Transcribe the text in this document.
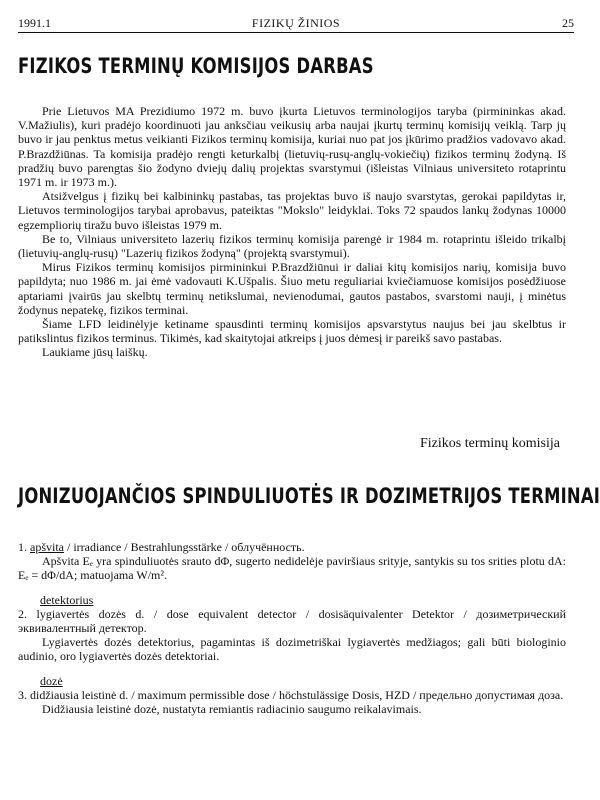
1991.1	FIZIKŲ ŽINIOS	25
FIZIKOS TERMINŲ KOMISIJOS DARBAS

Prie Lietuvos MA Prezidiumo 1972 m. buvo įkurta Lietuvos terminologijos taryba (pirmininkas akad. V.Mažiulis), kuri pradėjo koordinuoti jau anksčiau veikusių arba naujai įkurtų terminų komisijų veiklą. Tarp jų buvo ir jau penktus metus veikianti Fizikos terminų komisija, kuriai nuo pat jos įkūrimo pradžios vadovavo akad. P.Brazdžiūnas. Ta komisija pradėjo rengti keturkalbį (lietuvių-rusų-anglų-vokiečių) fizikos terminų žodyną. Iš pradžių buvo parengtas šio žodyno dviejų dalių projektas svarstymui (išleistas Vilniaus universiteto rotaprintu 1971 m. ir 1973 m.).

Atsižvelgus į fizikų bei kalbininkų pastabas, tas projektas buvo iš naujo svarstytas, gerokai papildytas ir, Lietuvos terminologijos tarybai aprobavus, pateiktas "Mokslo" leidyklai. Toks 72 spaudos lankų žodynas 10000 egzempliorių tiražu buvo išleistas 1979 m.

Be to, Vilniaus universiteto lazerių fizikos terminų komisija parengė ir 1984 m. rotaprintu išleido trikalbį (lietuvių-anglų-rusų) "Lazerių fizikos žodyną" (projektą svarstymui).

Mirus Fizikos terminų komisijos pirmininkui P.Brazdžiūnui ir daliai kitų komisijos narių, komisija buvo papildyta; nuo 1986 m. jai ėmė vadovauti K.Ušpalis. Šiuo metu reguliariai kviečiamuose komisijos posėdžiuose aptariami įvairūs jau skelbtų terminų netikslumai, nevienodumai, gautos pastabos, svarstomi nauji, į minėtus žodynus nepatekę, fizikos terminai.

Šiame LFD leidinėlyje ketiname spausdinti terminų komisijos apsvarstytus naujus bei jau skelbtus ir patikslintus fizikos terminus. Tikimės, kad skaitytojai atkreips į juos dėmesį ir pareikš savo pastabas.

Laukiame jūsų laiškų.

Fizikos terminų komisija
JONIZUOJANČIOS SPINDULIUOTĖS IR DOZIMETRIJOS TERMINAI

1. apšvita / irradiance / Bestrahlungsstärke / облучённость.

Apšvita Eₑ yra spinduliuotės srauto dΦ, sugerto nedidelėje paviršiaus srityje, santykis su tos srities plotu dA: Eₑ = dΦ/dA; matuojama W/m².

detektorius

2. lygiavertės dozės d. / dose equivalent detector / dosisäquivalenter Detektor / дозиметрический эквивалентный детектор.

Lygiavertės dozės detektorius, pagamintas iš dozimetriškai lygiavertės medžiagos; gali būti biologinio audinio, oro lygiavertės dozės detektoriai.

dozė

3. didžiausia leistinė d. / maximum permissible dose / höchstulässige Dosis, HZD / предельно допустимая доза.

Didžiausia leistinė dozė, nustatyta remiantis radiacinio saugumo reikalavimais.
